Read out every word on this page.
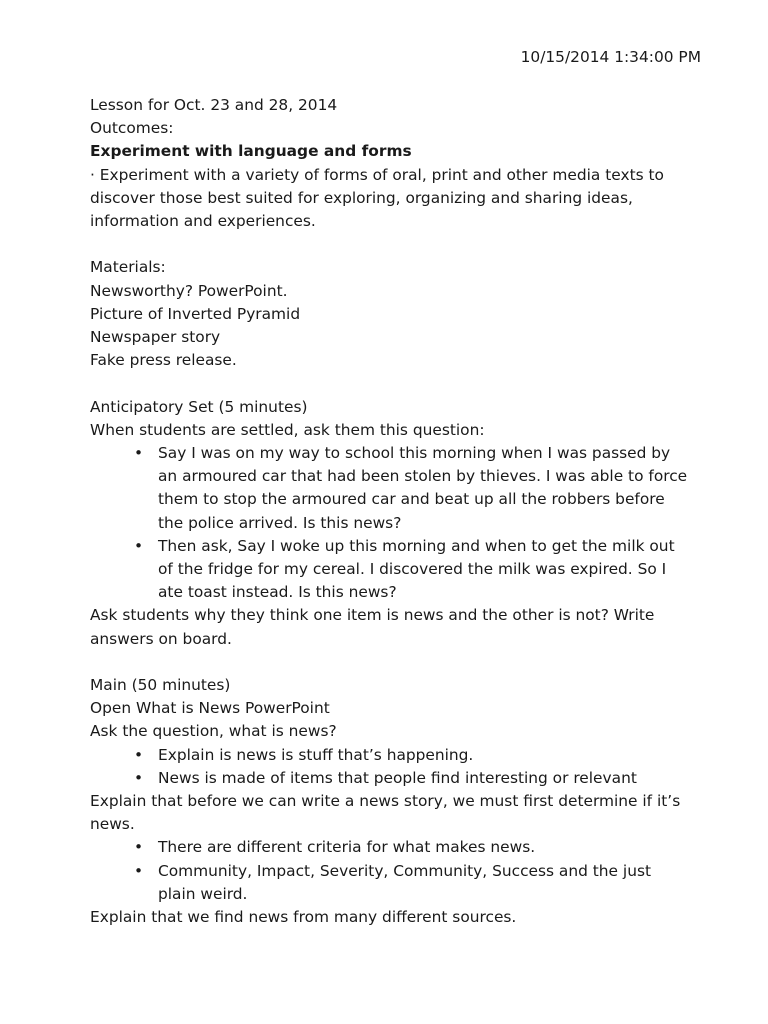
10/15/2014 1:34:00 PM
Lesson for Oct. 23 and 28, 2014
Outcomes:
Experiment with language and forms
· Experiment with a variety of forms of oral, print and other media texts to discover those best suited for exploring, organizing and sharing ideas, information and experiences.
Materials:
Newsworthy? PowerPoint.
Picture of Inverted Pyramid
Newspaper story
Fake press release.
Anticipatory Set (5 minutes)
When students are settled, ask them this question:
• Say I was on my way to school this morning when I was passed by an armoured car that had been stolen by thieves. I was able to force them to stop the armoured car and beat up all the robbers before the police arrived. Is this news?
• Then ask, Say I woke up this morning and when to get the milk out of the fridge for my cereal. I discovered the milk was expired. So I ate toast instead. Is this news?
Ask students why they think one item is news and the other is not? Write answers on board.
Main (50 minutes)
Open What is News PowerPoint
Ask the question, what is news?
• Explain is news is stuff that’s happening.
• News is made of items that people find interesting or relevant
Explain that before we can write a news story, we must first determine if it’s news.
• There are different criteria for what makes news.
• Community, Impact, Severity, Community, Success and the just plain weird.
Explain that we find news from many different sources.
